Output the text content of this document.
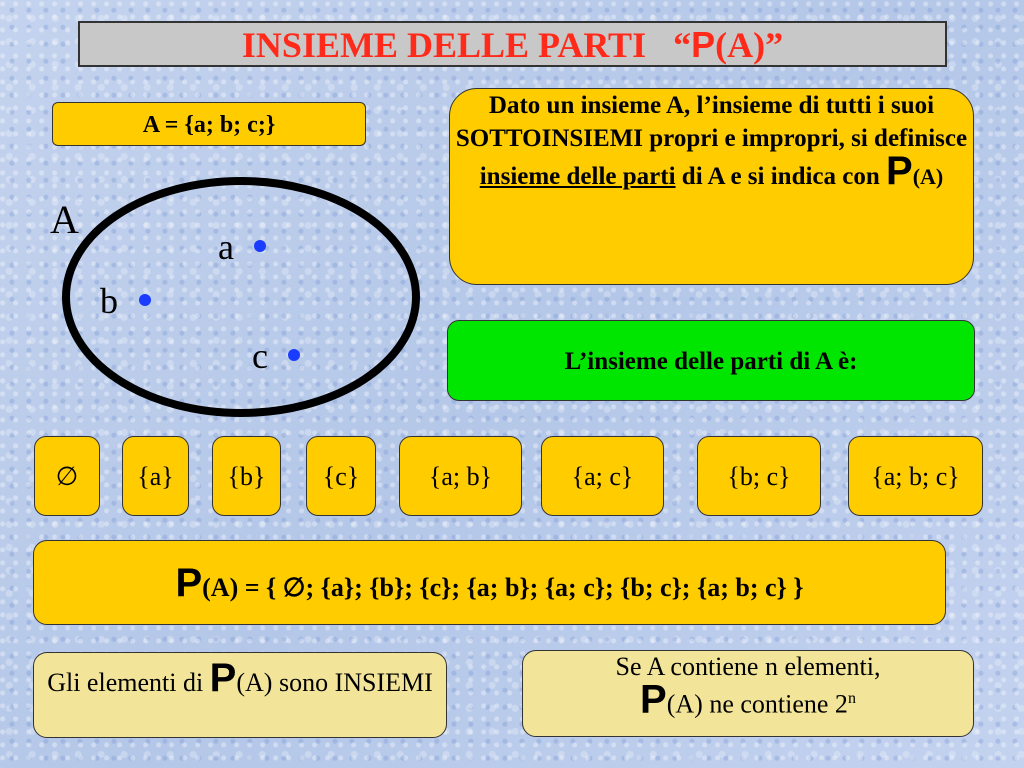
INSIEME DELLE PARTI “P(A)”
A = {a; b; c;}
Dato un insieme A, l’insieme di tutti i suoi SOTTOINSIEMI propri e impropri, si definisce insieme delle parti di A e si indica con P(A)
A
a
b
c	L’insieme delle parti di A è:
∅	{a}	{b}	{c}	{a; b}	{a; c}	{b; c}	{a; b; c}
P(A) = { ∅; {a}; {b}; {c}; {a; b}; {a; c}; {b; c}; {a; b; c} }
Gli elementi di P(A) sono INSIEMI
Se A contiene n elementi,
P(A) ne contiene 2$^n$
